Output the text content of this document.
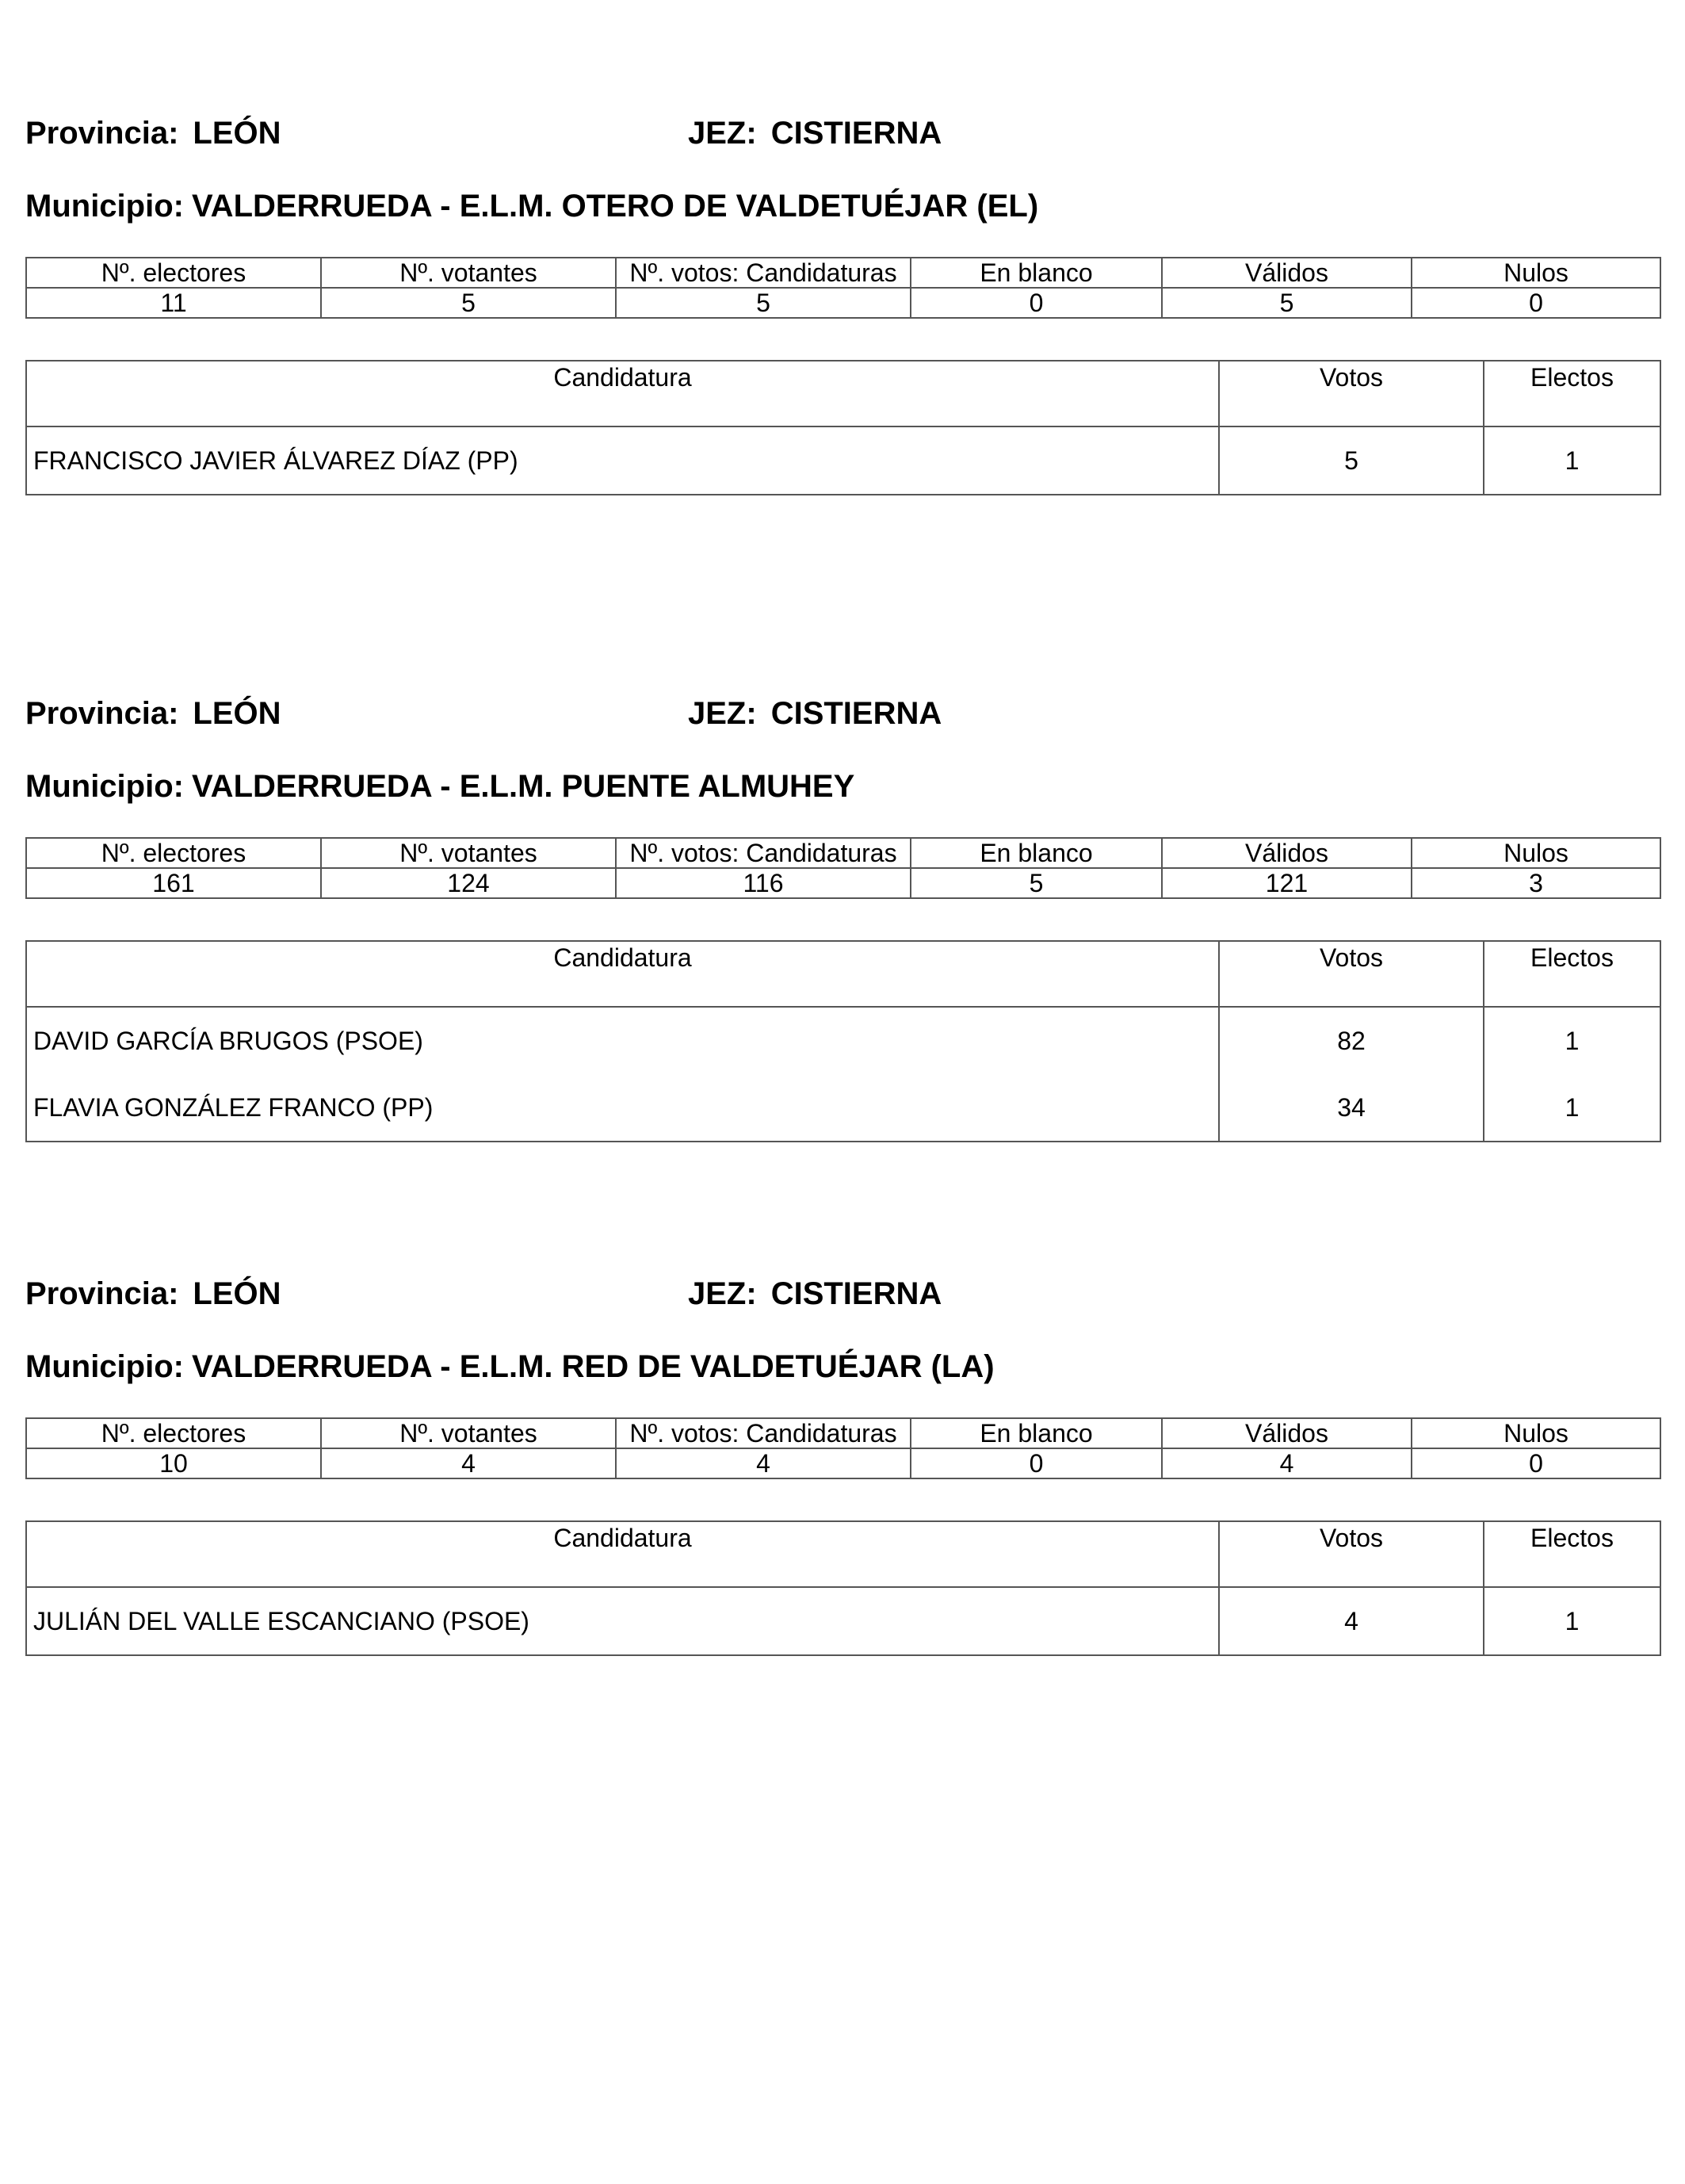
Provincia: LEÓN	JEZ: CISTIERNA
Municipio: VALDERRUEDA - E.L.M. OTERO DE VALDETUÉJAR (EL)
Nº. electores	Nº. votantes	Nº. votos: Candidaturas	En blanco	Válidos	Nulos
11	5	5	0	5	0
Candidatura	Votos	Electos
FRANCISCO JAVIER ÁLVAREZ DÍAZ (PP)	5	1
Provincia: LEÓN	JEZ: CISTIERNA
Municipio: VALDERRUEDA - E.L.M. PUENTE ALMUHEY
Nº. electores	Nº. votantes	Nº. votos: Candidaturas	En blanco	Válidos	Nulos
161	124	116	5	121	3
Candidatura	Votos	Electos
DAVID GARCÍA BRUGOS (PSOE)	82	1
FLAVIA GONZÁLEZ FRANCO (PP)	34	1
Provincia: LEÓN	JEZ: CISTIERNA
Municipio: VALDERRUEDA - E.L.M. RED DE VALDETUÉJAR (LA)
Nº. electores	Nº. votantes	Nº. votos: Candidaturas	En blanco	Válidos	Nulos
10	4	4	0	4	0
Candidatura	Votos	Electos
JULIÁN DEL VALLE ESCANCIANO (PSOE)	4	1
